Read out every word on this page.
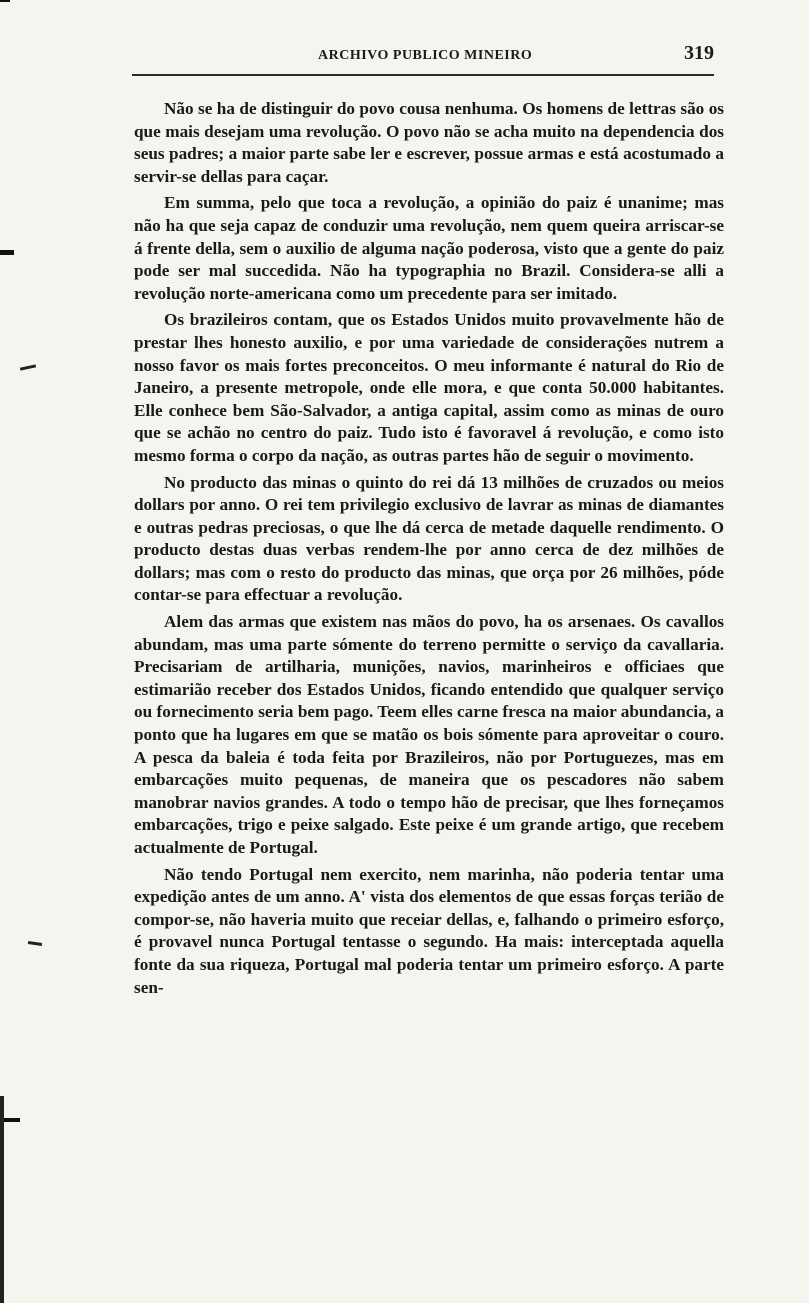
ARCHIVO PUBLICO MINEIRO	319

Não se ha de distinguir do povo cousa nenhuma. Os homens de lettras são os que mais desejam uma revolução. O povo não se acha muito na dependencia dos seus padres; a maior parte sabe ler e escrever, possue armas e está acostumado a servir-se dellas para caçar.

Em summa, pelo que toca a revolução, a opinião do paiz é unanime; mas não ha que seja capaz de conduzir uma revolução, nem quem queira arriscar-se á frente della, sem o auxilio de alguma nação poderosa, visto que a gente do paiz pode ser mal succedida. Não ha typographia no Brazil. Considera-se alli a revolução norte-americana como um precedente para ser imitado.

Os brazileiros contam, que os Estados Unidos muito provavelmente hão de prestar lhes honesto auxilio, e por uma variedade de considerações nutrem a nosso favor os mais fortes preconceitos. O meu informante é natural do Rio de Janeiro, a presente metropole, onde elle mora, e que conta 50.000 habitantes. Elle conhece bem São-Salvador, a antiga capital, assim como as minas de ouro que se achão no centro do paiz. Tudo isto é favoravel á revolução, e como isto mesmo forma o corpo da nação, as outras partes hão de seguir o movimento.

No producto das minas o quinto do rei dá 13 milhões de cruzados ou meios dollars por anno. O rei tem privilegio exclusivo de lavrar as minas de diamantes e outras pedras preciosas, o que lhe dá cerca de metade daquelle rendimento. O producto destas duas verbas rendem-lhe por anno cerca de dez milhões de dollars; mas com o resto do producto das minas, que orça por 26 milhões, póde contar-se para effectuar a revolução.

Alem das armas que existem nas mãos do povo, ha os arsenaes. Os cavallos abundam, mas uma parte sómente do terreno permitte o serviço da cavallaria. Precisariam de artilharia, munições, navios, marinheiros e officiaes que estimarião receber dos Estados Unidos, ficando entendido que qualquer serviço ou fornecimento seria bem pago. Teem elles carne fresca na maior abundancia, a ponto que ha lugares em que se matão os bois sómente para aproveitar o couro. A pesca da baleia é toda feita por Brazileiros, não por Portuguezes, mas em embarcações muito pequenas, de maneira que os pescadores não sabem manobrar navios grandes. A todo o tempo hão de precisar, que lhes forneçamos embarcações, trigo e peixe salgado. Este peixe é um grande artigo, que recebem actualmente de Portugal.

Não tendo Portugal nem exercito, nem marinha, não poderia tentar uma expedição antes de um anno. A' vista dos elementos de que essas forças terião de compor-se, não haveria muito que receiar dellas, e, falhando o primeiro esforço, é provavel nunca Portugal tentasse o segundo. Ha mais: interceptada aquella fonte da sua riqueza, Portugal mal poderia tentar um primeiro esforço. A parte sen-
